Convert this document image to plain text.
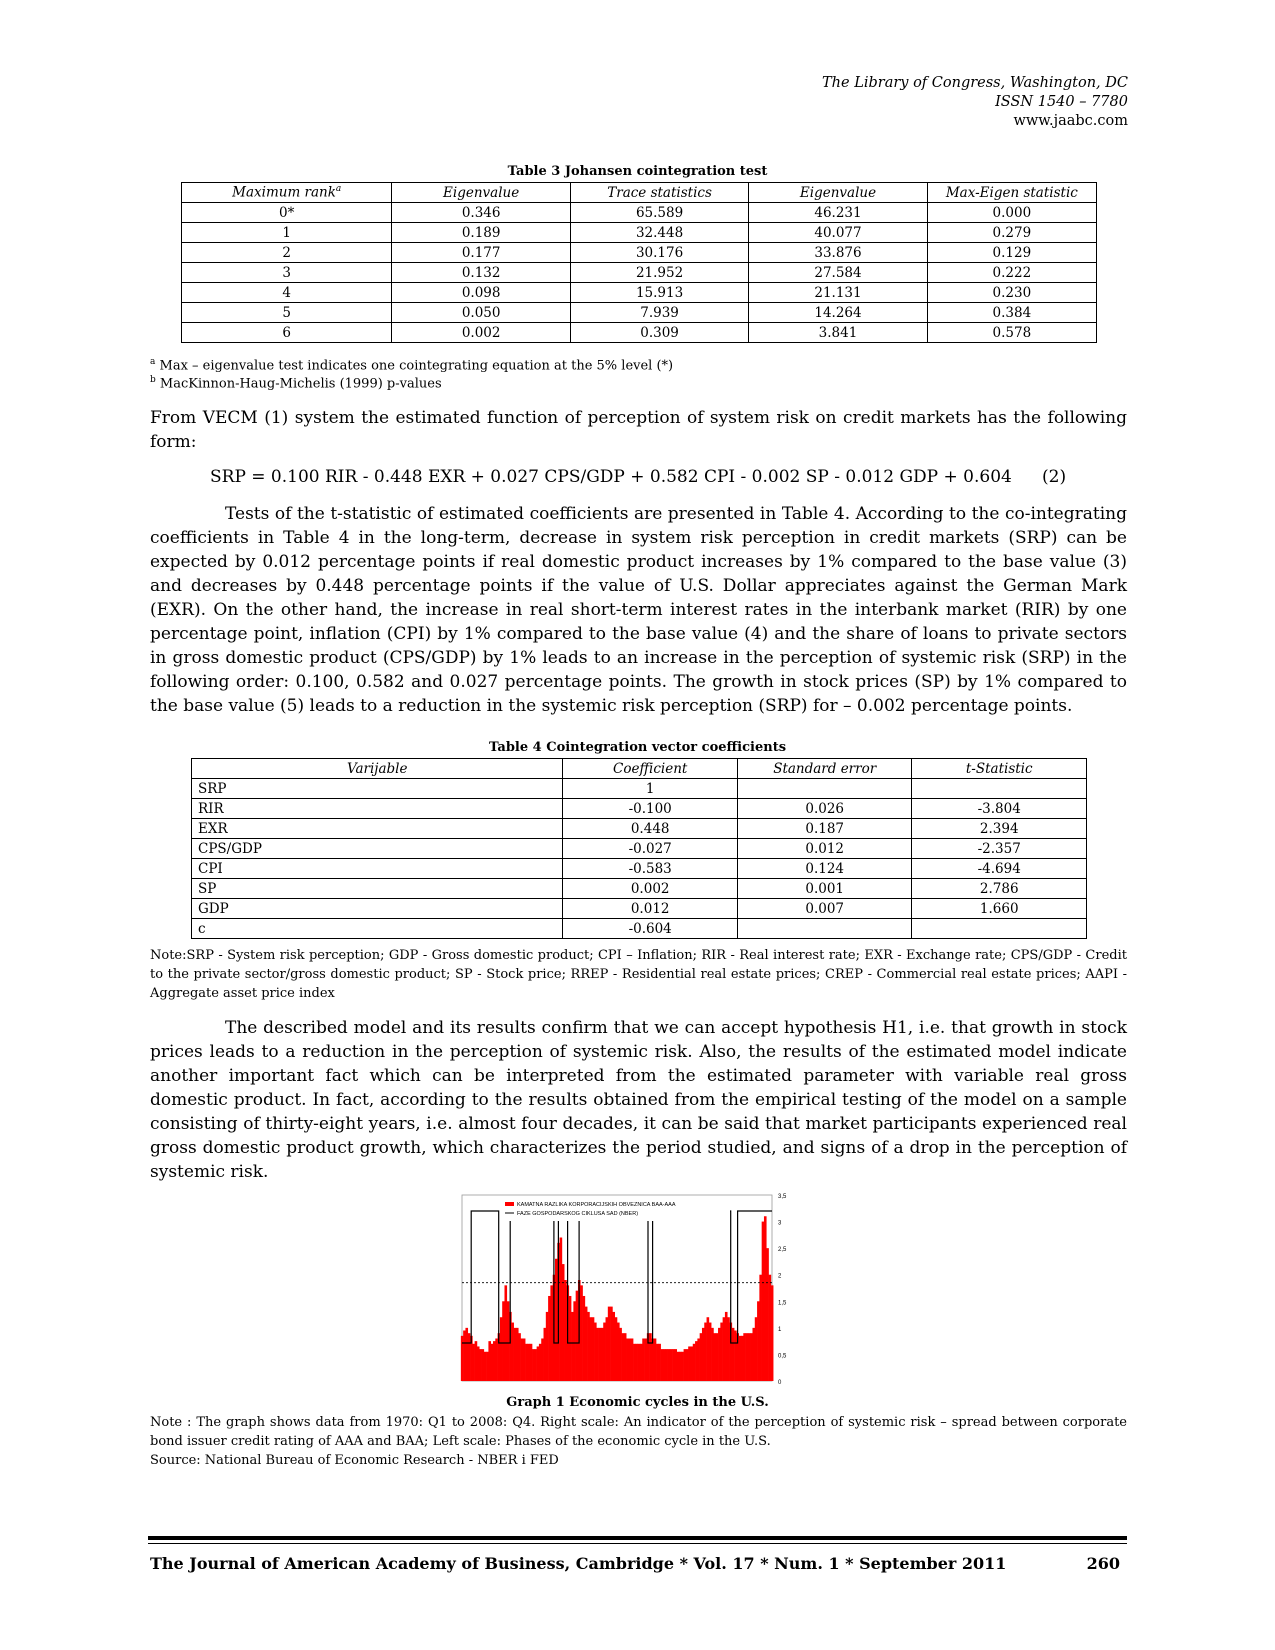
The Library of Congress, Washington, DC
ISSN 1540 – 7780
www.jaabc.com
Table 3 Johansen cointegration test
Maximum rank$^a$	Eigenvalue	Trace statistics	Eigenvalue	Max-Eigen statistic
0*	0.346	65.589	46.231	0.000
1	0.189	32.448	40.077	0.279
2	0.177	30.176	33.876	0.129
3	0.132	21.952	27.584	0.222
4	0.098	15.913	21.131	0.230
5	0.050	7.939	14.264	0.384
6	0.002	0.309	3.841	0.578
$^a$ Max – eigenvalue test indicates one cointegrating equation at the 5% level (*)
$^b$ MacKinnon-Haug-Michelis (1999) p-values
From VECM (1) system the estimated function of perception of system risk on credit markets has the following form:
SRP = 0.100 RIR - 0.448 EXR + 0.027 CPS/GDP + 0.582 CPI - 0.002 SP - 0.012 GDP + 0.604 (2)
Tests of the t-statistic of estimated coefficients are presented in Table 4. According to the co-integrating coefficients in Table 4 in the long-term, decrease in system risk perception in credit markets (SRP) can be expected by 0.012 percentage points if real domestic product increases by 1% compared to the base value (3) and decreases by 0.448 percentage points if the value of U.S. Dollar appreciates against the German Mark (EXR). On the other hand, the increase in real short-term interest rates in the interbank market (RIR) by one percentage point, inflation (CPI) by 1% compared to the base value (4) and the share of loans to private sectors in gross domestic product (CPS/GDP) by 1% leads to an increase in the perception of systemic risk (SRP) in the following order: 0.100, 0.582 and 0.027 percentage points. The growth in stock prices (SP) by 1% compared to the base value (5) leads to a reduction in the systemic risk perception (SRP) for – 0.002 percentage points.
Table 4 Cointegration vector coefficients
Varijable	Coefficient	Standard error	t-Statistic
SRP	1		
RIR	-0.100	0.026	-3.804
EXR	0.448	0.187	2.394
CPS/GDP	-0.027	0.012	-2.357
CPI	-0.583	0.124	-4.694
SP	0.002	0.001	2.786
GDP	0.012	0.007	1.660
c	-0.604		
Note:SRP - System risk perception; GDP - Gross domestic product; CPI – Inflation; RIR - Real interest rate; EXR - Exchange rate; CPS/GDP - Credit to the private sector/gross domestic product; SP - Stock price; RREP - Residential real estate prices; CREP - Commercial real estate prices; AAPI - Aggregate asset price index
The described model and its results confirm that we can accept hypothesis H1, i.e. that growth in stock prices leads to a reduction in the perception of systemic risk. Also, the results of the estimated model indicate another important fact which can be interpreted from the estimated parameter with variable real gross domestic product. In fact, according to the results obtained from the empirical testing of the model on a sample consisting of thirty-eight years, i.e. almost four decades, it can be said that market participants experienced real gross domestic product growth, which characterizes the period studied, and signs of a drop in the perception of systemic risk.
3,5
3
2,5
2
1,5
1
0,5
0
KAMATNA RAZLIKA KORPORACIJSKIH OBVEZNICA BAA-AAA
FAZE GOSPODARSKOG CIKLUSA SAD (NBER)
Graph 1 Economic cycles in the U.S.
Note : The graph shows data from 1970: Q1 to 2008: Q4. Right scale: An indicator of the perception of systemic risk – spread between corporate bond issuer credit rating of AAA and BAA; Left scale: Phases of the economic cycle in the U.S.
Source: National Bureau of Economic Research - NBER i FED
The Journal of American Academy of Business, Cambridge * Vol. 17 * Num. 1 * September 2011	260
